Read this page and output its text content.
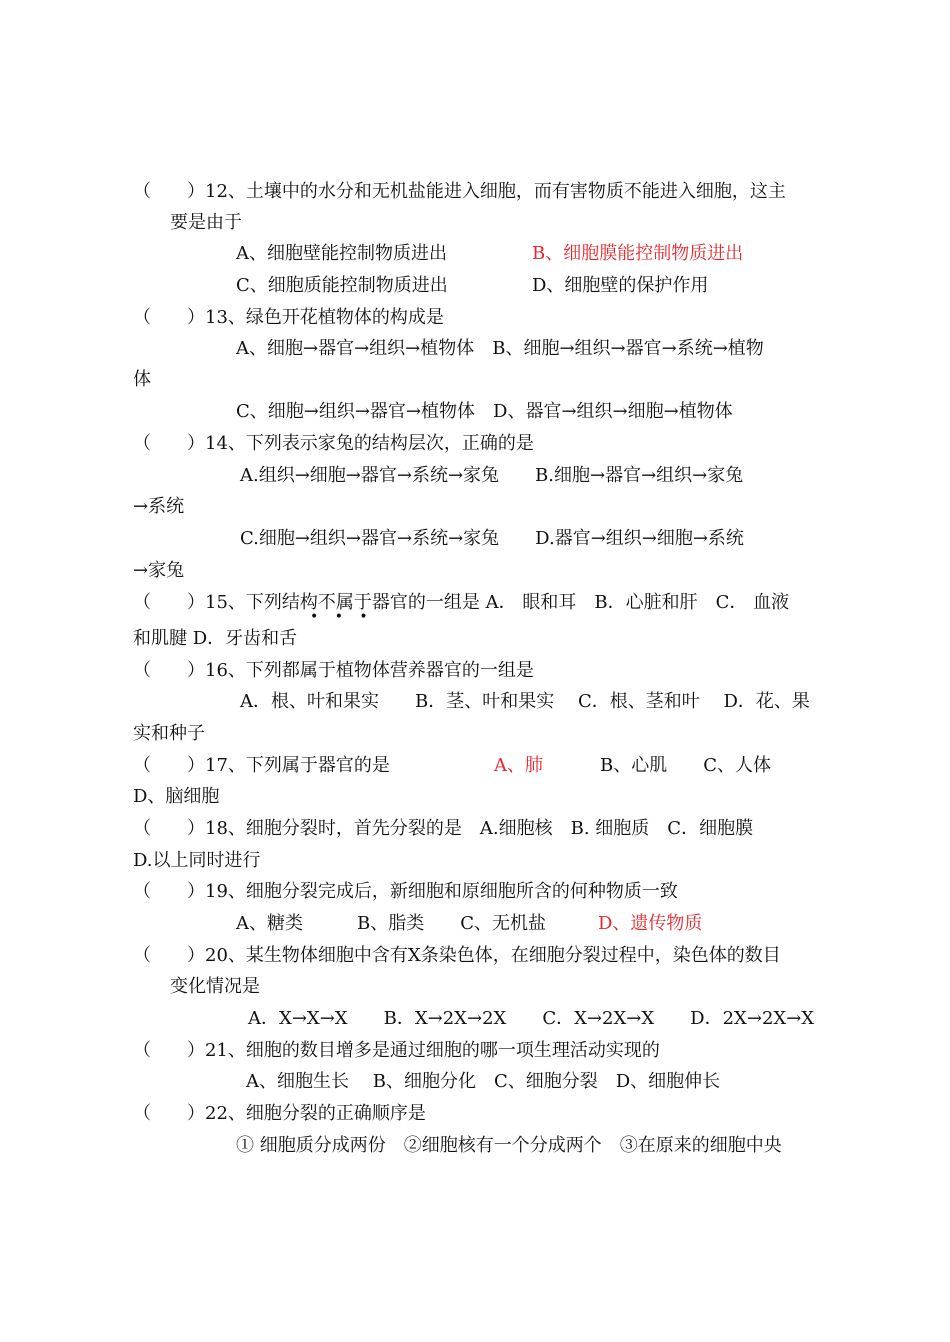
（　　）12、土壤中的水分和无机盐能进入细胞，而有害物质不能进入细胞，这主
要是由于
A、细胞壁能控制物质进出	B、细胞膜能控制物质进出
C、细胞质能控制物质进出	D、细胞壁的保护作用
（　　）13、绿色开花植物体的构成是
A、细胞→器官→组织→植物体　B、细胞→组织→器官→系统→植物
体
C、细胞→组织→器官→植物体　D、器官→组织→细胞→植物体
（　　）14、下列表示家兔的结构层次，正确的是
A.组织→细胞→器官→系统→家兔　　B.细胞→器官→组织→家兔
→系统
C.细胞→组织→器官→系统→家兔　　D.器官→组织→细胞→系统
→家兔
（　　）15、下列结构不属于器官的一组是 A． 眼和耳　B．心脏和肝　C． 血液
• • •
和肌腱 D．牙齿和舌
（　　）16、下列都属于植物体营养器官的一组是
A．根、叶和果实　　B．茎、叶和果实　 C．根、茎和叶　 D．花、果
实和种子
（　　）17、下列属于器官的是	A、肺	B、心肌　　C、人体
D、脑细胞
（　　）18、细胞分裂时，首先分裂的是　A.细胞核　B. 细胞质　C．细胞膜
D.以上同时进行
（　　）19、细胞分裂完成后，新细胞和原细胞所含的何种物质一致
A、糖类　　　B、脂类　　C、无机盐	D、遗传物质
（　　）20、某生物体细胞中含有X条染色体，在细胞分裂过程中，染色体的数目
变化情况是
A．X→X→X　　B．X→2X→2X　　C．X→2X→X　　D．2X→2X→X
（　　）21、细胞的数目增多是通过细胞的哪一项生理活动实现的
A、细胞生长　 B、细胞分化　C、细胞分裂　D、细胞伸长
（　　）22、细胞分裂的正确顺序是
① 细胞质分成两份　②细胞核有一个分成两个　③在原来的细胞中央
